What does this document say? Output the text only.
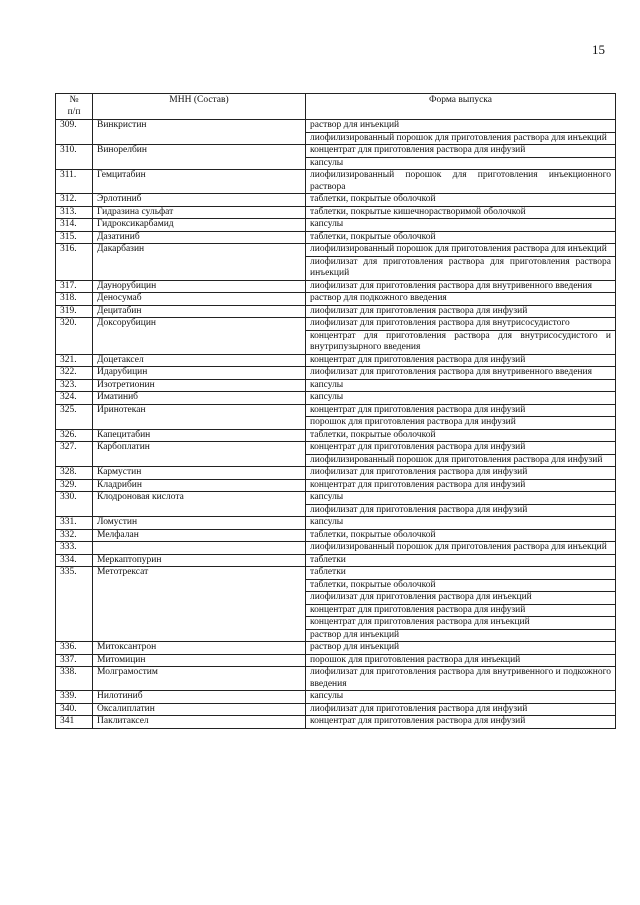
15
№
п/п	МНН (Состав)	Форма выпуска
309.	Винкристин	раствор для инъекций
		лиофилизированный порошок для приготовления раствора для инъекций
310.	Винорелбин	концентрат для приготовления раствора для инфузий
		капсулы
311.	Гемцитабин	лиофилизированный порошок для приготовления инъекционного раствора
312.	Эрлотиниб	таблетки, покрытые оболочкой
313.	Гидразина сульфат	таблетки, покрытые кишечнорастворимой оболочкой
314.	Гидроксикарбамид	капсулы
315.	Дазатиниб	таблетки, покрытые оболочкой
316.	Дакарбазин	лиофилизированный порошок для приготовления раствора для инъекций
		лиофилизат для приготовления раствора для приготовления раствора инъекций
317.	Даунорубицин	лиофилизат для приготовления раствора для внутривенного введения
318.	Деносумаб	раствор для подкожного введения
319.	Децитабин	лиофилизат для приготовления раствора для инфузий
320.	Доксорубицин	лиофилизат для приготовления раствора для внутрисосудистого
		концентрат для приготовления раствора для внутрисосудистого и внутрипузырного введения
321.	Доцетаксел	концентрат для приготовления раствора для инфузий
322.	Идарубицин	лиофилизат для приготовления раствора для внутривенного введения
323.	Изотретионин	капсулы
324.	Иматиниб	капсулы
325.	Иринотекан	концентрат для приготовления раствора для инфузий
		порошок для приготовления раствора для инфузий
326.	Капецитабин	таблетки, покрытые оболочкой
327.	Карбоплатин	концентрат для приготовления раствора для инфузий
		лиофилизированный порошок для приготовления раствора для инфузий
328.	Кармустин	лиофилизат для приготовления раствора для инфузий
329.	Кладрибин	концентрат для приготовления раствора для инфузий
330.	Клодроновая кислота	капсулы
		лиофилизат для приготовления раствора для инфузий
331.	Ломустин	капсулы
332.	Мелфалан	таблетки, покрытые оболочкой
333.		лиофилизированный порошок для приготовления раствора для инъекций
334.	Меркаптопурин	таблетки
335.	Метотрексат	таблетки
		таблетки, покрытые оболочкой
		лиофилизат для приготовления раствора для инъекций
		концентрат для приготовления раствора для инфузий
		концентрат для приготовления раствора для инъекций
		раствор для инъекций
336.	Митоксантрон	раствор для инъекций
337.	Митомицин	порошок для приготовления раствора для инъекций
338.	Молграмостим	лиофилизат для приготовления раствора для внутривенного и подкожного введения
339.	Нилотиниб	капсулы
340.	Оксалиплатин	лиофилизат для приготовления раствора для инфузий
341	Паклитаксел	концентрат для приготовления раствора для инфузий
